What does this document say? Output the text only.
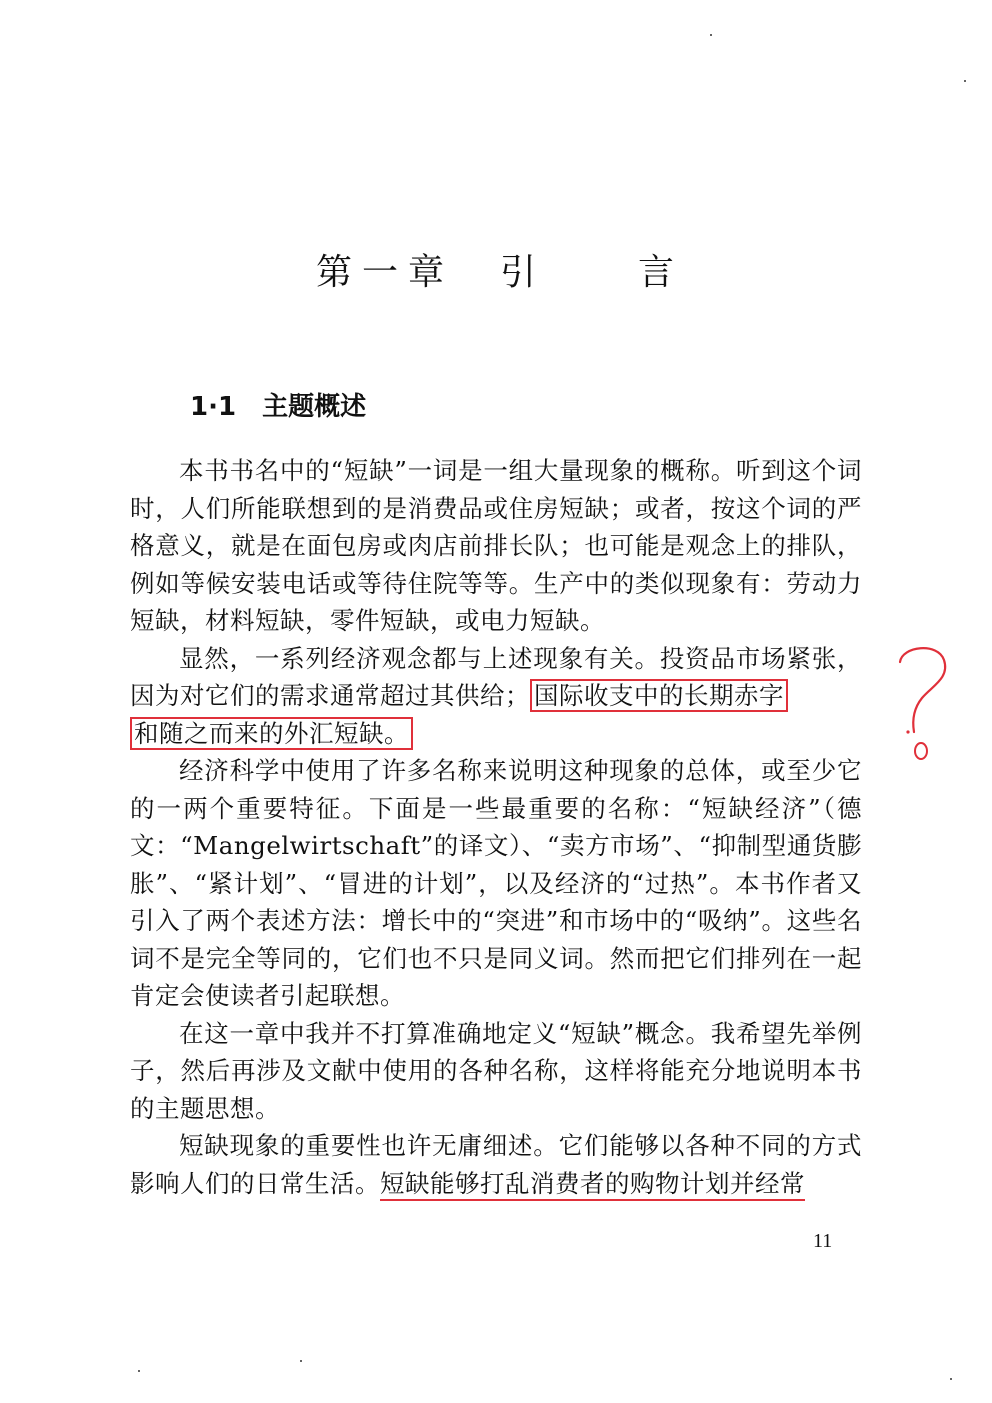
第一章　引　　言
1·1 主题概述

本书书名中的“短缺”一词是一组大量现象的概称。听到这个词时，人们所能联想到的是消费品或住房短缺；或者，按这个词的严格意义，就是在面包房或肉店前排长队；也可能是观念上的排队，例如等候安装电话或等待住院等等。生产中的类似现象有：劳动力短缺，材料短缺，零件短缺，或电力短缺。

显然，一系列经济观念都与上述现象有关。投资品市场紧张，因为对它们的需求通常超过其供给； 国际收支中的长期赤字
和随之而来的外汇短缺。

经济科学中使用了许多名称来说明这种现象的总体，或至少它的一两个重要特征。下面是一些最重要的名称：“短缺经济”（德文：“Mangelwirtschaft”的译文）、“卖方市场”、“抑制型通货膨胀”、“紧计划”、“冒进的计划”，以及经济的“过热”。本书作者又引入了两个表述方法：增长中的“突进”和市场中的“吸纳”。这些名词不是完全等同的，它们也不只是同义词。然而把它们排列在一起肯定会使读者引起联想。

在这一章中我并不打算准确地定义“短缺”概念。我希望先举例子，然后再涉及文献中使用的各种名称，这样将能充分地说明本书的主题思想。

短缺现象的重要性也许无庸细述。它们能够以各种不同的方式影响人们的日常生活。短缺能够打乱消费者的购物计划并经常

11
